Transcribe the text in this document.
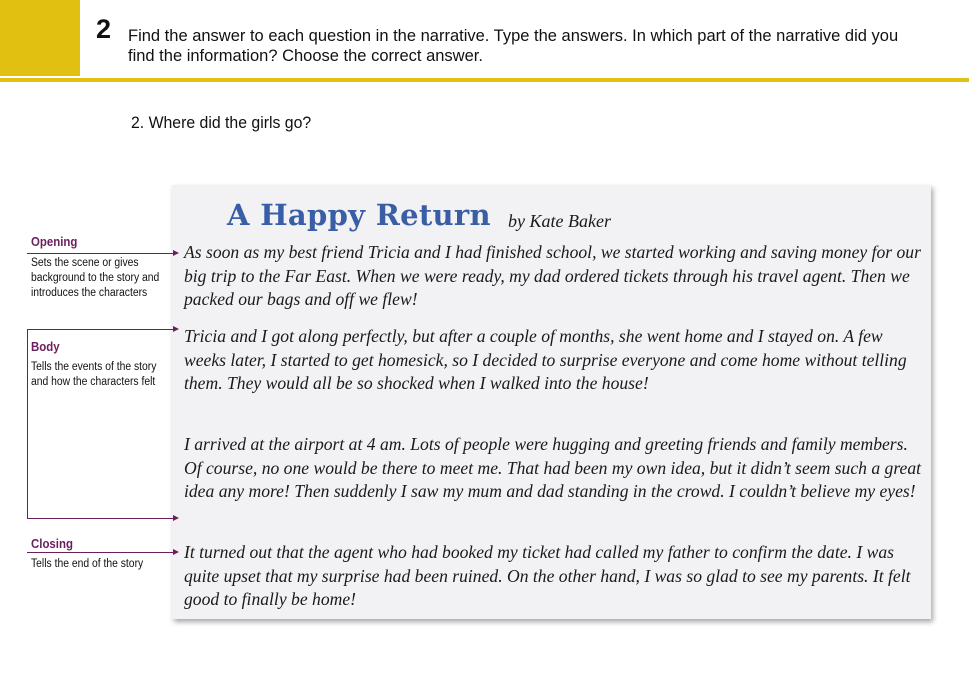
2 Find the answer to each question in the narrative. Type the answers. In which part of the narrative did you find the information? Choose the correct answer.
2. Where did the girls go?
A Happy Return by Kate Baker

As soon as my best friend Tricia and I had finished school, we started working and saving money for our big trip to the Far East. When we were ready, my dad ordered tickets through his travel agent. Then we packed our bags and off we flew!

Tricia and I got along perfectly, but after a couple of months, she went home and I stayed on. A few weeks later, I started to get homesick, so I decided to surprise everyone and come home without telling them. They would all be so shocked when I walked into the house!

I arrived at the airport at 4 am. Lots of people were hugging and greeting friends and family members. Of course, no one would be there to meet me. That had been my own idea, but it didn’t seem such a great idea any more! Then suddenly I saw my mum and dad standing in the crowd. I couldn’t believe my eyes!

It turned out that the agent who had booked my ticket had called my father to confirm the date. I was quite upset that my surprise had been ruined. On the other hand, I was so glad to see my parents. It felt good to finally be home!

Opening
Sets the scene or gives background to the story and introduces the characters
Body
Tells the events of the story and how the characters felt
Closing
Tells the end of the story
